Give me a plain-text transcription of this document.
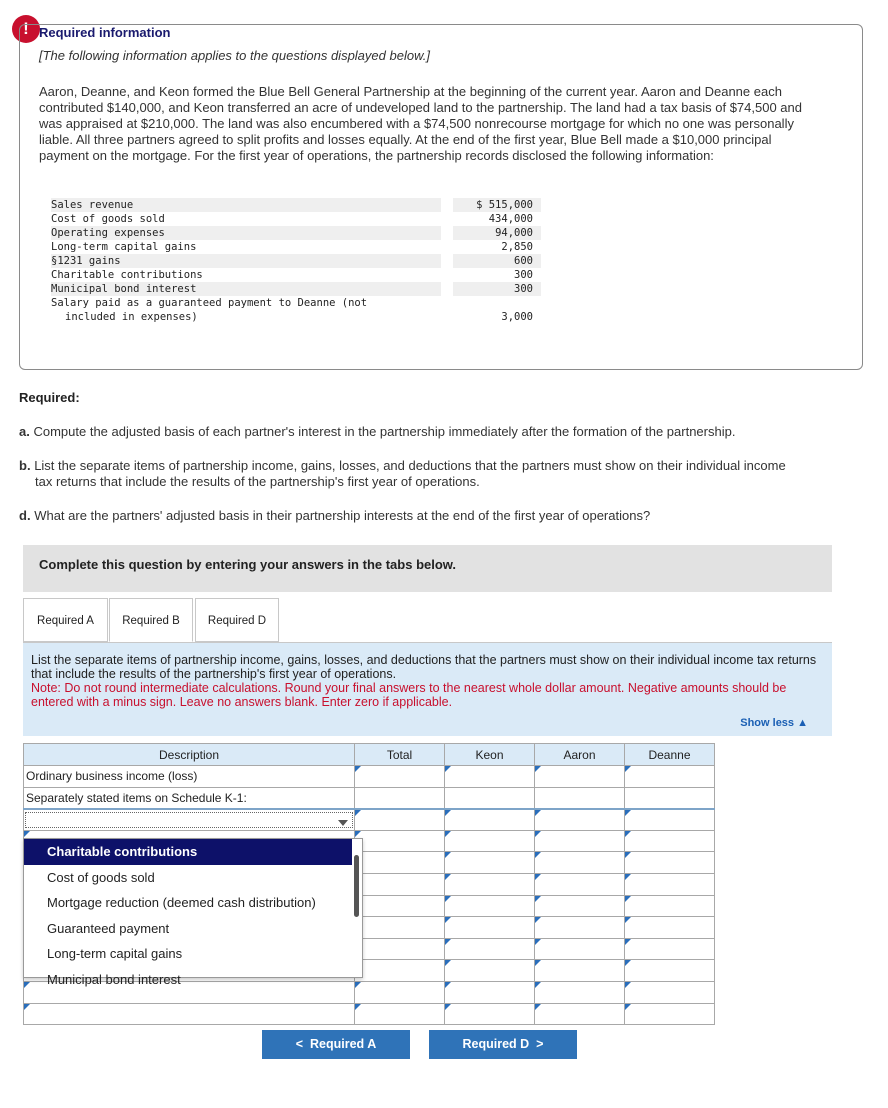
! Required information
[The following information applies to the questions displayed below.]
Aaron, Deanne, and Keon formed the Blue Bell General Partnership at the beginning of the current year. Aaron and Deanne each contributed $140,000, and Keon transferred an acre of undeveloped land to the partnership. The land had a tax basis of $74,500 and was appraised at $210,000. The land was also encumbered with a $74,500 nonrecourse mortgage for which no one was personally liable. All three partners agreed to split profits and losses equally. At the end of the first year, Blue Bell made a $10,000 principal payment on the mortgage. For the first year of operations, the partnership records disclosed the following information:
Sales revenue		$ 515,000
Cost of goods sold		434,000
Operating expenses		94,000
Long-term capital gains		2,850
§1231 gains		600
Charitable contributions		300
Municipal bond interest		300
Salary paid as a guaranteed payment to Deanne (not		
included in expenses)		3,000
Required:
a. Compute the adjusted basis of each partner's interest in the partnership immediately after the formation of the partnership.
b. List the separate items of partnership income, gains, losses, and deductions that the partners must show on their individual income
tax returns that include the results of the partnership's first year of operations.
d. What are the partners' adjusted basis in their partnership interests at the end of the first year of operations?
Complete this question by entering your answers in the tabs below.
Required A	Required B	Required D
List the separate items of partnership income, gains, losses, and deductions that the partners must show on their individual income tax returns that include the results of the partnership's first year of operations.
Note: Do not round intermediate calculations. Round your final answers to the nearest whole dollar amount. Negative amounts should be entered with a minus sign. Leave no answers blank. Enter zero if applicable.
Show less ▲
Description	Total	Keon	Aaron	Deanne
Ordinary business income (loss)	

Separately stated items on Schedule K-1:				

Charitable contributions
Cost of goods sold
Mortgage reduction (deemed cash distribution)
Guaranteed payment
Long-term capital gains
Municipal bond interest
< Required A	Required D >
